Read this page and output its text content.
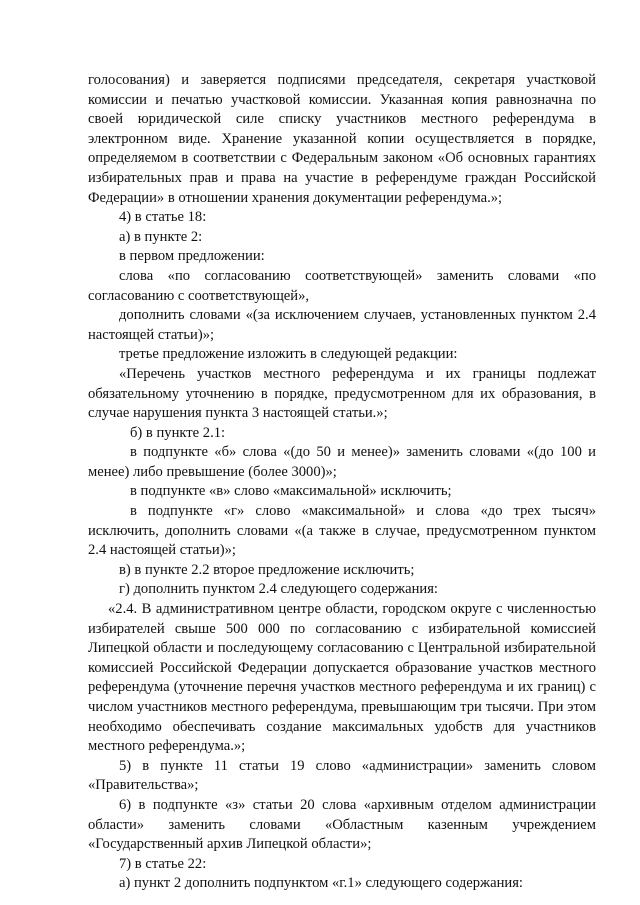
голосования) и заверяется подписями председателя, секретаря участковой комиссии и печатью участковой комиссии. Указанная копия равнозначна по своей юридической силе списку участников местного референдума в электронном виде. Хранение указанной копии осуществляется в порядке, определяемом в соответствии с Федеральным законом «Об основных гарантиях избирательных прав и права на участие в референдуме граждан Российской Федерации» в отношении хранения документации референдума.»;

4) в статье 18:

а) в пункте 2:

в первом предложении:

слова «по согласованию соответствующей» заменить словами «по согласованию с соответствующей»,

дополнить словами «(за исключением случаев, установленных пунктом 2.4 настоящей статьи)»;

третье предложение изложить в следующей редакции:

«Перечень участков местного референдума и их границы подлежат обязательному уточнению в порядке, предусмотренном для их образования, в случае нарушения пункта 3 настоящей статьи.»;

б) в пункте 2.1:

в подпункте «б» слова «(до 50 и менее)» заменить словами «(до 100 и менее) либо превышение (более 3000)»;

в подпункте «в» слово «максимальной» исключить;

в подпункте «г» слово «максимальной» и слова «до трех тысяч» исключить, дополнить словами «(а также в случае, предусмотренном пунктом 2.4 настоящей статьи)»;

в) в пункте 2.2 второе предложение исключить;

г) дополнить пунктом 2.4 следующего содержания:

«2.4. В административном центре области, городском округе с численностью избирателей свыше 500 000 по согласованию с избирательной комиссией Липецкой области и последующему согласованию с Центральной избирательной комиссией Российской Федерации допускается образование участков местного референдума (уточнение перечня участков местного референдума и их границ) с числом участников местного референдума, превышающим три тысячи. При этом необходимо обеспечивать создание максимальных удобств для участников местного референдума.»;

5) в пункте 11 статьи 19 слово «администрации» заменить словом «Правительства»;

6) в подпункте «з» статьи 20 слова «архивным отделом администрации области» заменить словами «Областным казенным учреждением «Государственный архив Липецкой области»;

7) в статье 22:

а) пункт 2 дополнить подпунктом «г.1» следующего содержания:
